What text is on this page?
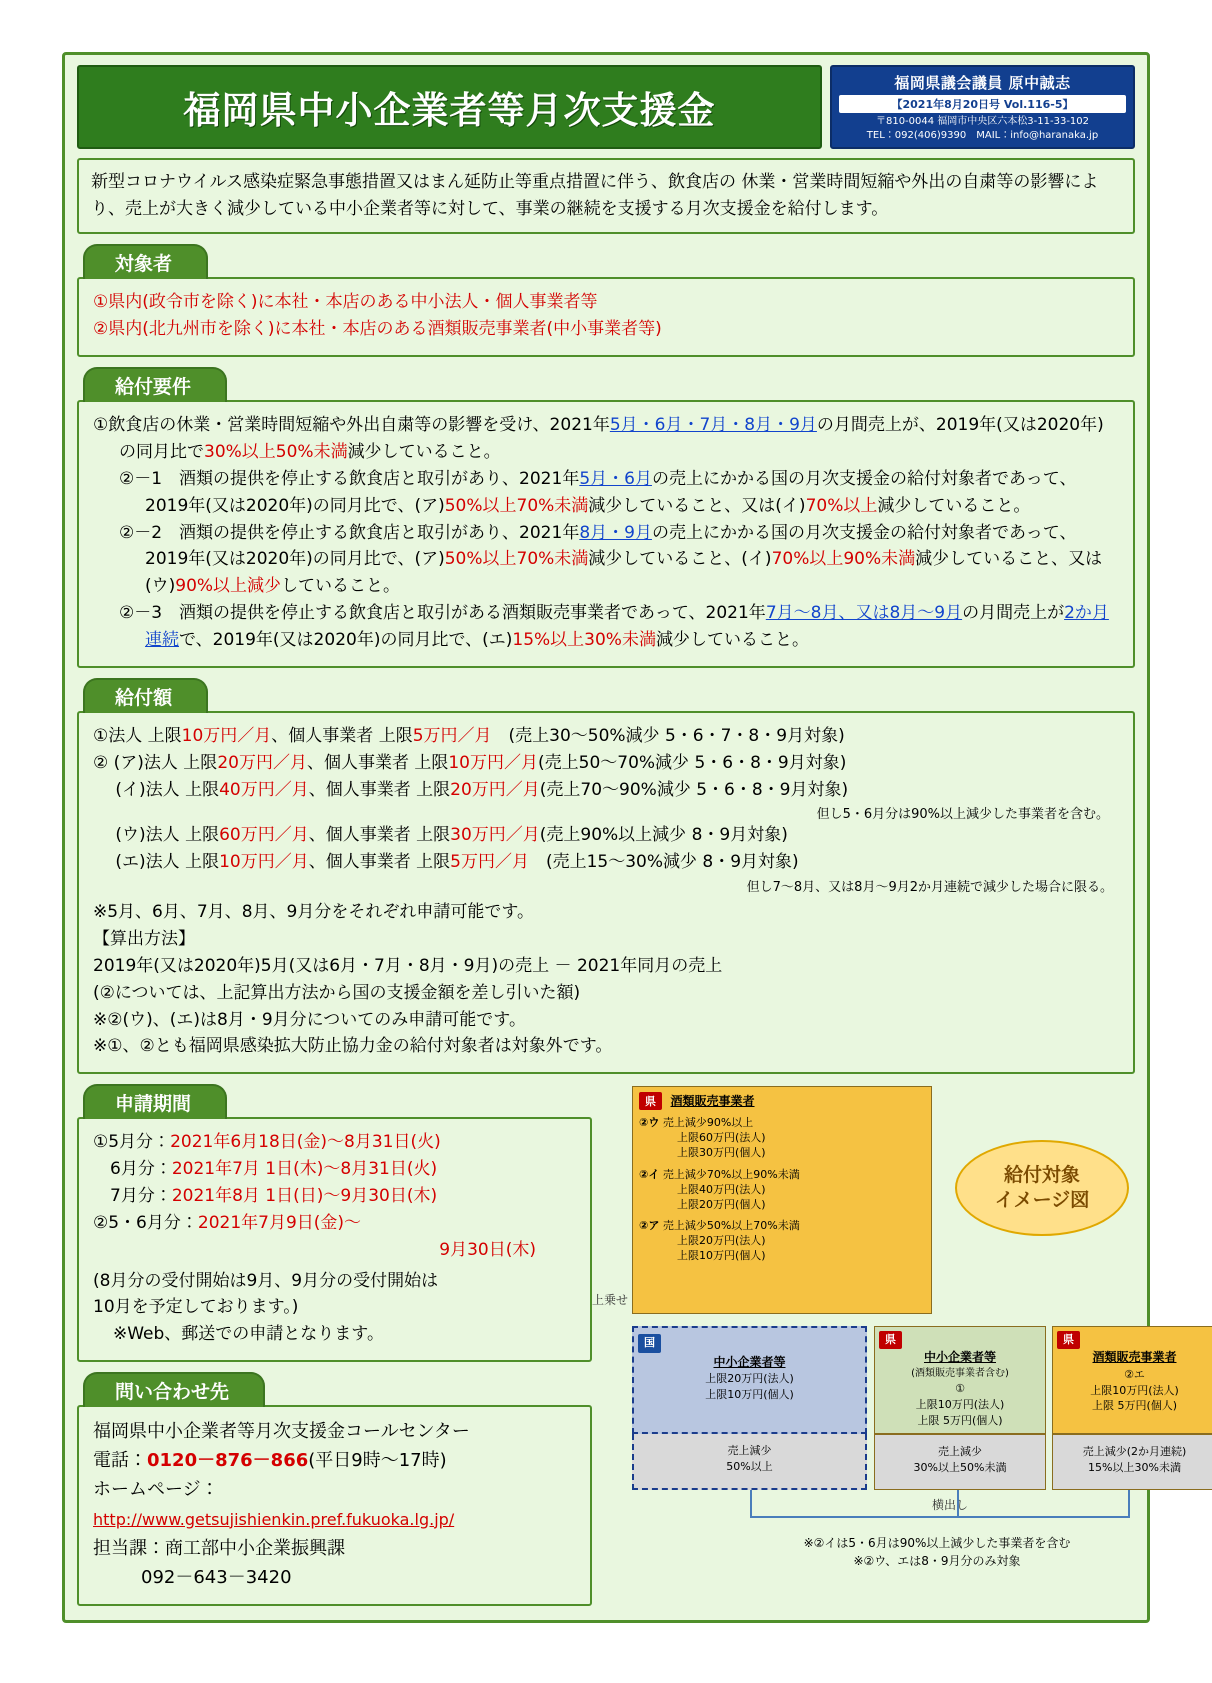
福岡県中小企業者等月次支援金
福岡県議会議員 原中誠志
【2021年8月20日号 Vol.116-5】
〒810-0044 福岡市中央区六本松3-11-33-102
TEL：092(406)9390　MAIL：info@haranaka.jp
新型コロナウイルス感染症緊急事態措置又はまん延防止等重点措置に伴う、飲食店の 休業・営業時間短縮や外出の自粛等の影響により、売上が大きく減少している中小企業者等に対して、事業の継続を支援する月次支援金を給付します。
対象者
①県内(政令市を除く)に本社・本店のある中小法人・個人事業者等
②県内(北九州市を除く)に本社・本店のある酒類販売事業者(中小事業者等)
給付要件
①飲食店の休業・営業時間短縮や外出自粛等の影響を受け、2021年5月・6月・7月・8月・9月の月間売上が、2019年(又は2020年)の同月比で30%以上50%未満減少していること。
②－1　酒類の提供を停止する飲食店と取引があり、2021年5月・6月の売上にかかる国の月次支援金の給付対象者であって、2019年(又は2020年)の同月比で、(ア)50%以上70%未満減少していること、又は(イ)70%以上減少していること。
②－2　酒類の提供を停止する飲食店と取引があり、2021年8月・9月の売上にかかる国の月次支援金の給付対象者であって、2019年(又は2020年)の同月比で、(ア)50%以上70%未満減少していること、(イ)70%以上90%未満減少していること、又は(ウ)90%以上減少していること。
②－3　酒類の提供を停止する飲食店と取引がある酒類販売事業者であって、2021年7月～8月、又は8月～9月の月間売上が2か月連続で、2019年(又は2020年)の同月比で、(エ)15%以上30%未満減少していること。
給付額
①法人 上限10万円／月、個人事業者 上限5万円／月　(売上30～50%減少 5・6・7・8・9月対象)
② (ア)法人 上限20万円／月、個人事業者 上限10万円／月(売上50～70%減少 5・6・8・9月対象)
　 (イ)法人 上限40万円／月、個人事業者 上限20万円／月(売上70～90%減少 5・6・8・9月対象)
但し5・6月分は90%以上減少した事業者を含む。
　 (ウ)法人 上限60万円／月、個人事業者 上限30万円／月(売上90%以上減少 8・9月対象)
　 (エ)法人 上限10万円／月、個人事業者 上限5万円／月　(売上15～30%減少 8・9月対象)
但し7～8月、又は8月～9月2か月連続で減少した場合に限る。
※5月、6月、7月、8月、9月分をそれぞれ申請可能です。
【算出方法】
2019年(又は2020年)5月(又は6月・7月・8月・9月)の売上 － 2021年同月の売上
(②については、上記算出方法から国の支援金額を差し引いた額)
※②(ウ)、(エ)は8月・9月分についてのみ申請可能です。
※①、②とも福岡県感染拡大防止協力金の給付対象者は対象外です。
申請期間
①5月分：2021年6月18日(金)～8月31日(火)
　6月分：2021年7月 1日(木)～8月31日(火)
　7月分：2021年8月 1日(日)～9月30日(木)
②5・6月分：2021年7月9日(金)～
9月30日(木)
(8月分の受付開始は9月、9月分の受付開始は
10月を予定しております。)
※Web、郵送での申請となります。
問い合わせ先
福岡県中小企業者等月次支援金コールセンター
電話：0120－876－866(平日9時～17時)
ホームページ：
http://www.getsujishienkin.pref.fukuoka.lg.jp/
担当課：商工部中小企業振興課
092－643－3420
給付対象
イメージ図
県 酒類販売事業者
②ウ 売上減少90%以上
上限60万円(法人)
上限30万円(個人)
②イ 売上減少70%以上90%未満
上限40万円(法人)
上限20万円(個人)
②ア 売上減少50%以上70%未満
上限20万円(法人)
上限10万円(個人)
上乗せ
国
中小企業者等
上限20万円(法人)
上限10万円(個人)
売上減少
50%以上
県
中小企業者等
(酒類販売事業者含む)
①
上限10万円(法人)
上限 5万円(個人)
売上減少
30%以上50%未満
県
酒類販売事業者
②エ
上限10万円(法人)
上限 5万円(個人)
売上減少(2か月連続)
15%以上30%未満
横出し
※②イは5・6月は90%以上減少した事業者を含む
※②ウ、エは8・9月分のみ対象
